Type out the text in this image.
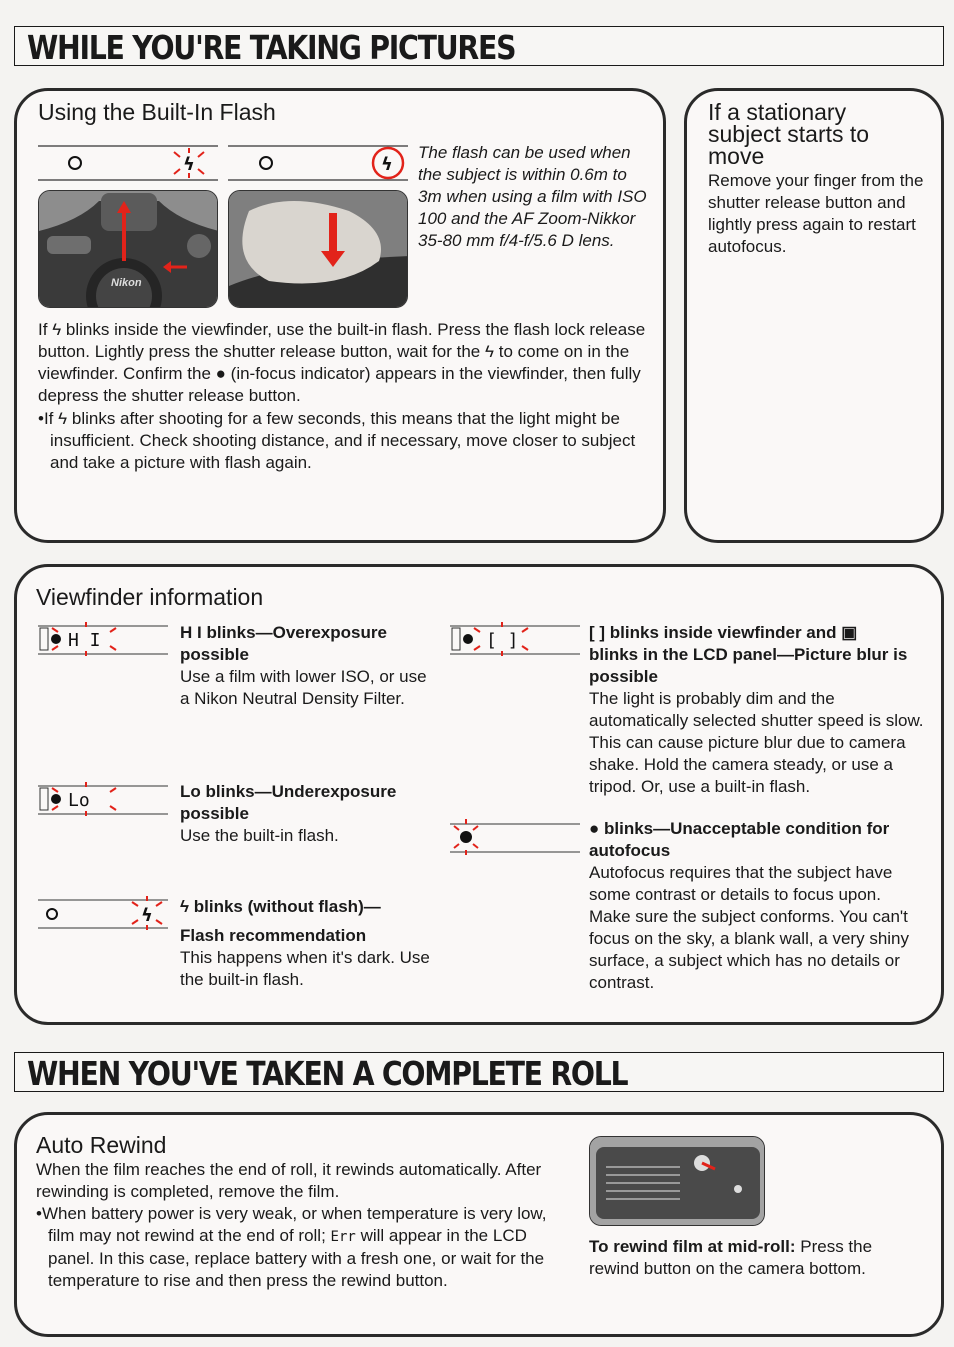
WHILE YOU'RE TAKING PICTURES
Using the Built-In Flash
ϟ	ϟ
Nikon
The flash can be used when the subject is within 0.6m to 3m when using a film with ISO 100 and the AF Zoom-Nikkor 35-80 mm f/4-f/5.6 D lens.
If ϟ blinks inside the viewfinder, use the built-in flash. Press the flash lock release button. Lightly press the shutter release button, wait for the ϟ to come on in the viewfinder. Confirm the ● (in-focus indicator) appears in the viewfinder, then fully depress the shutter release button.
•If ϟ blinks after shooting for a few seconds, this means that the light might be insufficient. Check shooting distance, and if necessary, move closer to subject and take a picture with flash again.
If a stationary subject starts to move
Remove your finger from the shutter release button and lightly press again to restart autofocus.
Viewfinder information
H I	H I blinks—Overexposure possible
Use a film with lower ISO, or use a Nikon Neutral Density Filter.
Lo	Lo blinks—Underexposure possible
Use the built-in flash.
ϟ ϟ blinks (without flash)—
Flash recommendation
This happens when it's dark. Use the built-in flash.
[ ]	[ ] blinks inside viewfinder and ▣
blinks in the LCD panel—Picture blur is possible
The light is probably dim and the automatically selected shutter speed is slow. This can cause picture blur due to camera shake. Hold the camera steady, or use a tripod. Or, use a built-in flash.
● blinks—Unacceptable condition for autofocus
Autofocus requires that the subject have some contrast or details to focus upon. Make sure the subject conforms. You can't focus on the sky, a blank wall, a very shiny surface, a subject which has no details or contrast.
WHEN YOU'VE TAKEN A COMPLETE ROLL
Auto Rewind
When the film reaches the end of roll, it rewinds automatically. After rewinding is completed, remove the film.
•When battery power is very weak, or when temperature is very low, film may not rewind at the end of roll; Err will appear in the LCD panel. In this case, replace battery with a fresh one, or wait for the temperature to rise and then press the rewind button.
To rewind film at mid-roll: Press the rewind button on the camera bottom.
